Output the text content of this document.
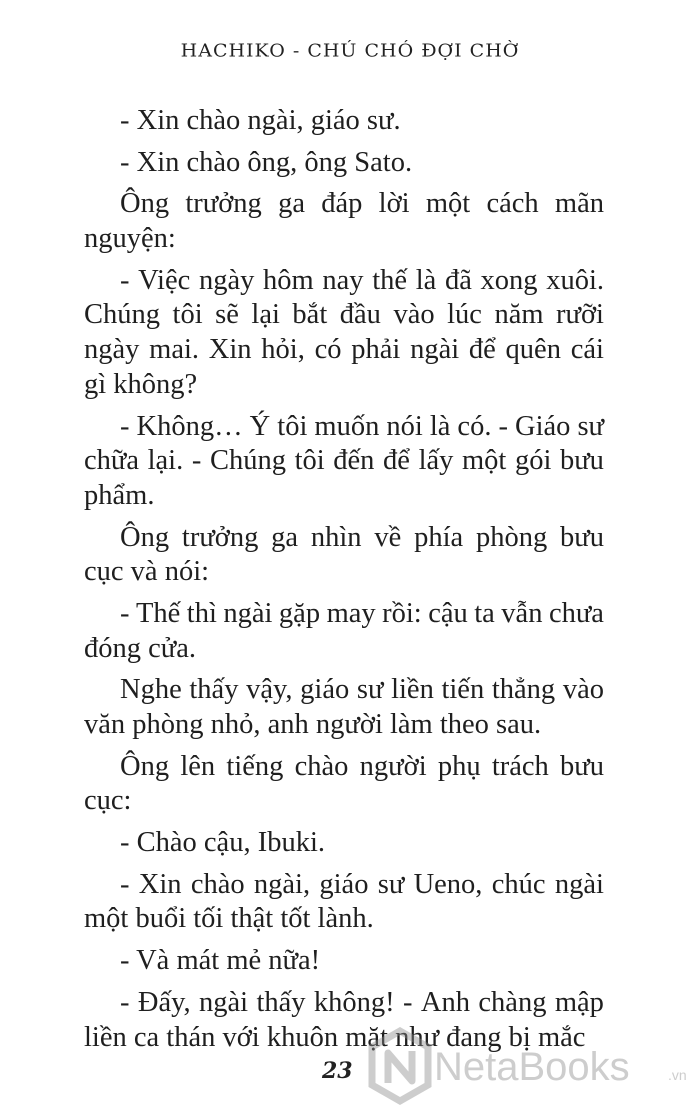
HACHIKO - CHÚ CHÓ ĐỢI CHỜ
- Xin chào ngài, giáo sư.
- Xin chào ông, ông Sato.
Ông trưởng ga đáp lời một cách mãn
nguyện:
- Việc ngày hôm nay thế là đã xong xuôi.
Chúng tôi sẽ lại bắt đầu vào lúc năm rưỡi
ngày mai. Xin hỏi, có phải ngài để quên cái
gì không?
- Không… Ý tôi muốn nói là có. - Giáo sư
chữa lại. - Chúng tôi đến để lấy một gói bưu
phẩm.
Ông trưởng ga nhìn về phía phòng bưu
cục và nói:
- Thế thì ngài gặp may rồi: cậu ta vẫn chưa
đóng cửa.
Nghe thấy vậy, giáo sư liền tiến thẳng vào
văn phòng nhỏ, anh người làm theo sau.
Ông lên tiếng chào người phụ trách bưu
cục:
- Chào cậu, Ibuki.
- Xin chào ngài, giáo sư Ueno, chúc ngài
một buổi tối thật tốt lành.
- Và mát mẻ nữa!
- Đấy, ngài thấy không! - Anh chàng mập
liền ca thán với khuôn mặt như đang bị mắc
23 NetaBooks	.vn
